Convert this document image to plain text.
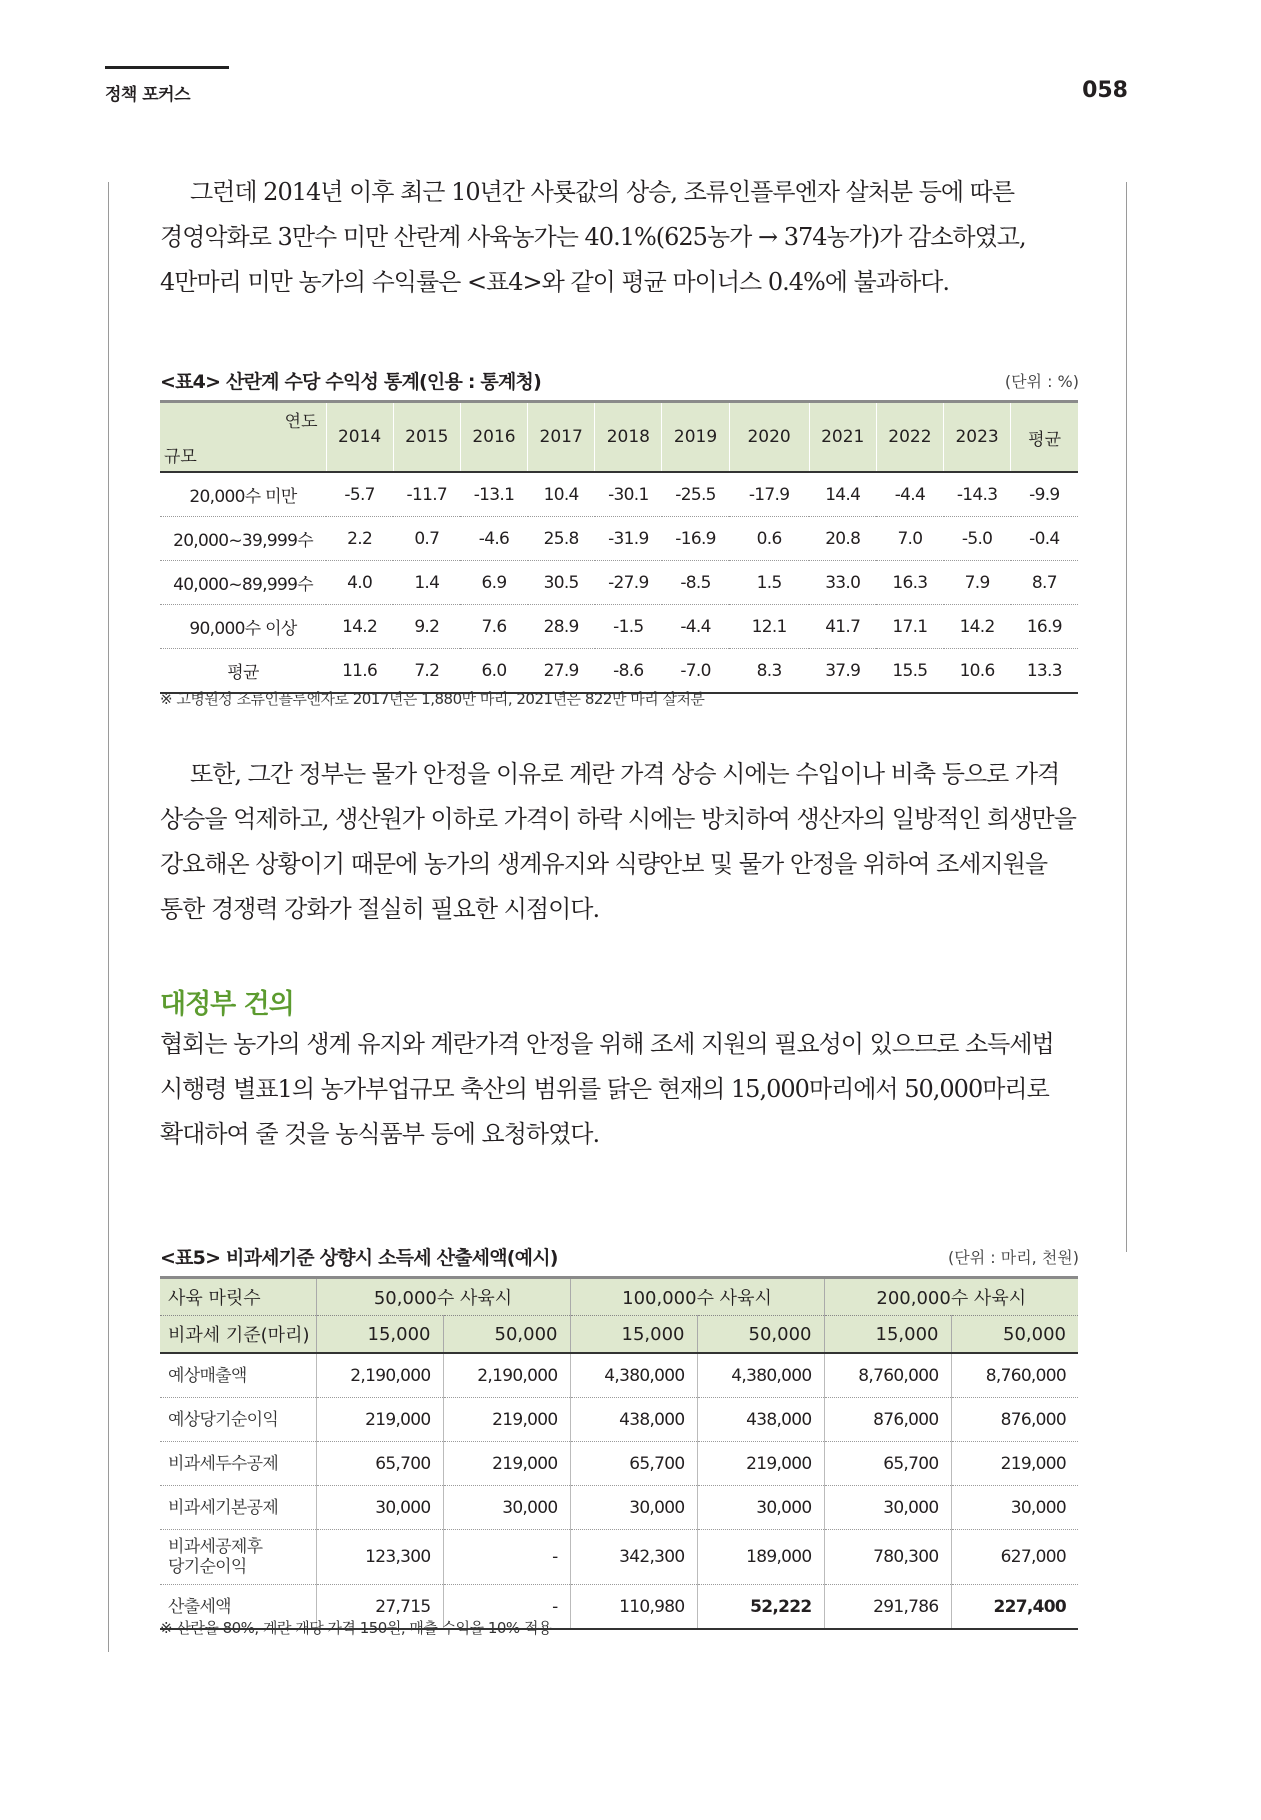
정책 포커스	058

그런데 2014년 이후 최근 10년간 사룟값의 상승, 조류인플루엔자 살처분 등에 따른 경영악화로 3만수 미만 산란계 사육농가는 40.1%(625농가 → 374농가)가 감소하였고, 4만마리 미만 농가의 수익률은 <표4>와 같이 평균 마이너스 0.4%에 불과하다.

<표4> 산란계 수당 수익성 통계(인용 : 통계청)	(단위 : %)
연도
규모	2014	2015	2016	2017	2018	2019	2020	2021	2022	2023	평균
20,000수 미만	-5.7	-11.7	-13.1	10.4	-30.1	-25.5	-17.9	14.4	-4.4	-14.3	-9.9
20,000~39,999수	2.2	0.7	-4.6	25.8	-31.9	-16.9	0.6	20.8	7.0	-5.0	-0.4
40,000~89,999수	4.0	1.4	6.9	30.5	-27.9	-8.5	1.5	33.0	16.3	7.9	8.7
90,000수 이상	14.2	9.2	7.6	28.9	-1.5	-4.4	12.1	41.7	17.1	14.2	16.9
평균	11.6	7.2	6.0	27.9	-8.6	-7.0	8.3	37.9	15.5	10.6	13.3
※ 고병원성 조류인플루엔자로 2017년은 1,880만 마리, 2021년은 822만 마리 살처분

또한, 그간 정부는 물가 안정을 이유로 계란 가격 상승 시에는 수입이나 비축 등으로 가격 상승을 억제하고, 생산원가 이하로 가격이 하락 시에는 방치하여 생산자의 일방적인 희생만을 강요해온 상황이기 때문에 농가의 생계유지와 식량안보 및 물가 안정을 위하여 조세지원을 통한 경쟁력 강화가 절실히 필요한 시점이다.

대정부 건의

협회는 농가의 생계 유지와 계란가격 안정을 위해 조세 지원의 필요성이 있으므로 소득세법 시행령 별표1의 농가부업규모 축산의 범위를 닭은 현재의 15,000마리에서 50,000마리로 확대하여 줄 것을 농식품부 등에 요청하였다.

<표5> 비과세기준 상향시 소득세 산출세액(예시)	(단위 : 마리, 천원)
사육 마릿수	50,000수 사육시		100,000수 사육시		200,000수 사육시	
비과세 기준(마리)	15,000	50,000	15,000	50,000	15,000	50,000
예상매출액	2,190,000	2,190,000	4,380,000	4,380,000	8,760,000	8,760,000
예상당기순이익	219,000	219,000	438,000	438,000	876,000	876,000
비과세두수공제	65,700	219,000	65,700	219,000	65,700	219,000
비과세기본공제	30,000	30,000	30,000	30,000	30,000	30,000
비과세공제후
당기순이익	123,300	-	342,300	189,000	780,300	627,000
산출세액	27,715	-	110,980	52,222	291,786	227,400
※ 산란율 80%, 계란 개당 가격 150원, 매출 수익율 10% 적용
